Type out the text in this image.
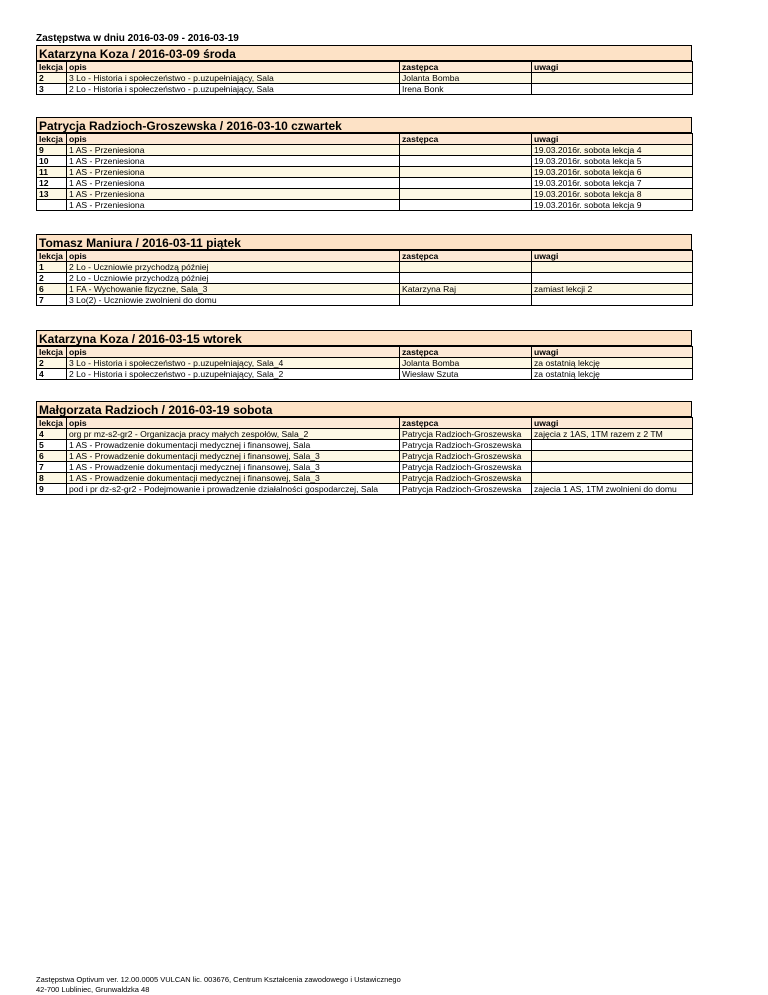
Zastępstwa w dniu 2016-03-09 - 2016-03-19
Katarzyna Koza / 2016-03-09 środa
lekcja	opis	zastępca	uwagi
2	3 Lo - Historia i społeczeństwo - p.uzupełniający, Sala	Jolanta Bomba	
3	2 Lo - Historia i społeczeństwo - p.uzupełniający, Sala	Irena Bonk	
Patrycja Radzioch-Groszewska / 2016-03-10 czwartek
lekcja	opis	zastępca	uwagi
9	1 AS - Przeniesiona		19.03.2016r. sobota lekcja 4
10	1 AS - Przeniesiona		19.03.2016r. sobota lekcja 5
11	1 AS - Przeniesiona		19.03.2016r. sobota lekcja 6
12	1 AS - Przeniesiona		19.03.2016r. sobota lekcja 7
13	1 AS - Przeniesiona		19.03.2016r. sobota lekcja 8
	1 AS - Przeniesiona		19.03.2016r. sobota lekcja 9
Tomasz Maniura / 2016-03-11 piątek
lekcja	opis	zastępca	uwagi
1	2 Lo - Uczniowie przychodzą później		
2	2 Lo - Uczniowie przychodzą później		
6	1 FA - Wychowanie fizyczne, Sala_3	Katarzyna Raj	zamiast lekcji 2
7	3 Lo(2) - Uczniowie zwolnieni do domu		
Katarzyna Koza / 2016-03-15 wtorek
lekcja	opis	zastępca	uwagi
2	3 Lo - Historia i społeczeństwo - p.uzupełniający, Sala_4	Jolanta Bomba	za ostatnią lekcję
4	2 Lo - Historia i społeczeństwo - p.uzupełniający, Sala_2	Wiesław Szuta	za ostatnią lekcję
Małgorzata Radzioch / 2016-03-19 sobota
lekcja	opis	zastępca	uwagi
4	org pr mz-s2-gr2 - Organizacja pracy małych zespołów, Sala_2	Patrycja Radzioch-Groszewska	zajęcia z 1AS, 1TM razem z 2 TM
5	1 AS - Prowadzenie dokumentacji medycznej i finansowej, Sala	Patrycja Radzioch-Groszewska	
6	1 AS - Prowadzenie dokumentacji medycznej i finansowej, Sala_3	Patrycja Radzioch-Groszewska	
7	1 AS - Prowadzenie dokumentacji medycznej i finansowej, Sala_3	Patrycja Radzioch-Groszewska	
8	1 AS - Prowadzenie dokumentacji medycznej i finansowej, Sala_3	Patrycja Radzioch-Groszewska	
9	pod i pr dz-s2-gr2 - Podejmowanie i prowadzenie działalności gospodarczej, Sala	Patrycja Radzioch-Groszewska	zajecia 1 AS, 1TM zwolnieni do domu
Zastępstwa Optivum ver. 12.00.0005 VULCAN lic. 003676, Centrum Kształcenia zawodowego i Ustawicznego
42-700 Lubliniec, Grunwaldzka 48
